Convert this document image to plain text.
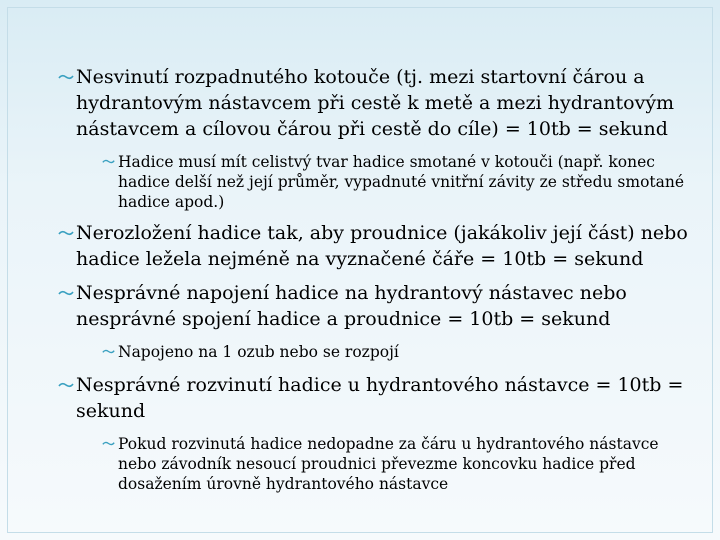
Nesvinutí rozpadnutého kotouče (tj. mezi startovní čárou a hydrantovým nástavcem při cestě k metě a mezi hydrantovým nástavcem a cílovou čárou při cestě do cíle) = 10tb = sekund
Hadice musí mít celistvý tvar hadice smotané v kotouči (např. konec hadice delší než její průměr, vypadnuté vnitřní závity ze středu smotané hadice apod.)
Nerozložení hadice tak, aby proudnice (jakákoliv její část) nebo hadice ležela nejméně na vyznačené čáře = 10tb = sekund
Nesprávné napojení hadice na hydrantový nástavec nebo nesprávné spojení hadice a proudnice = 10tb = sekund
Napojeno na 1 ozub nebo se rozpojí
Nesprávné rozvinutí hadice u hydrantového nástavce = 10tb = sekund
Pokud rozvinutá hadice nedopadne za čáru u hydrantového nástavce nebo závodník nesoucí proudnici převezme koncovku hadice před dosažením úrovně hydrantového nástavce
